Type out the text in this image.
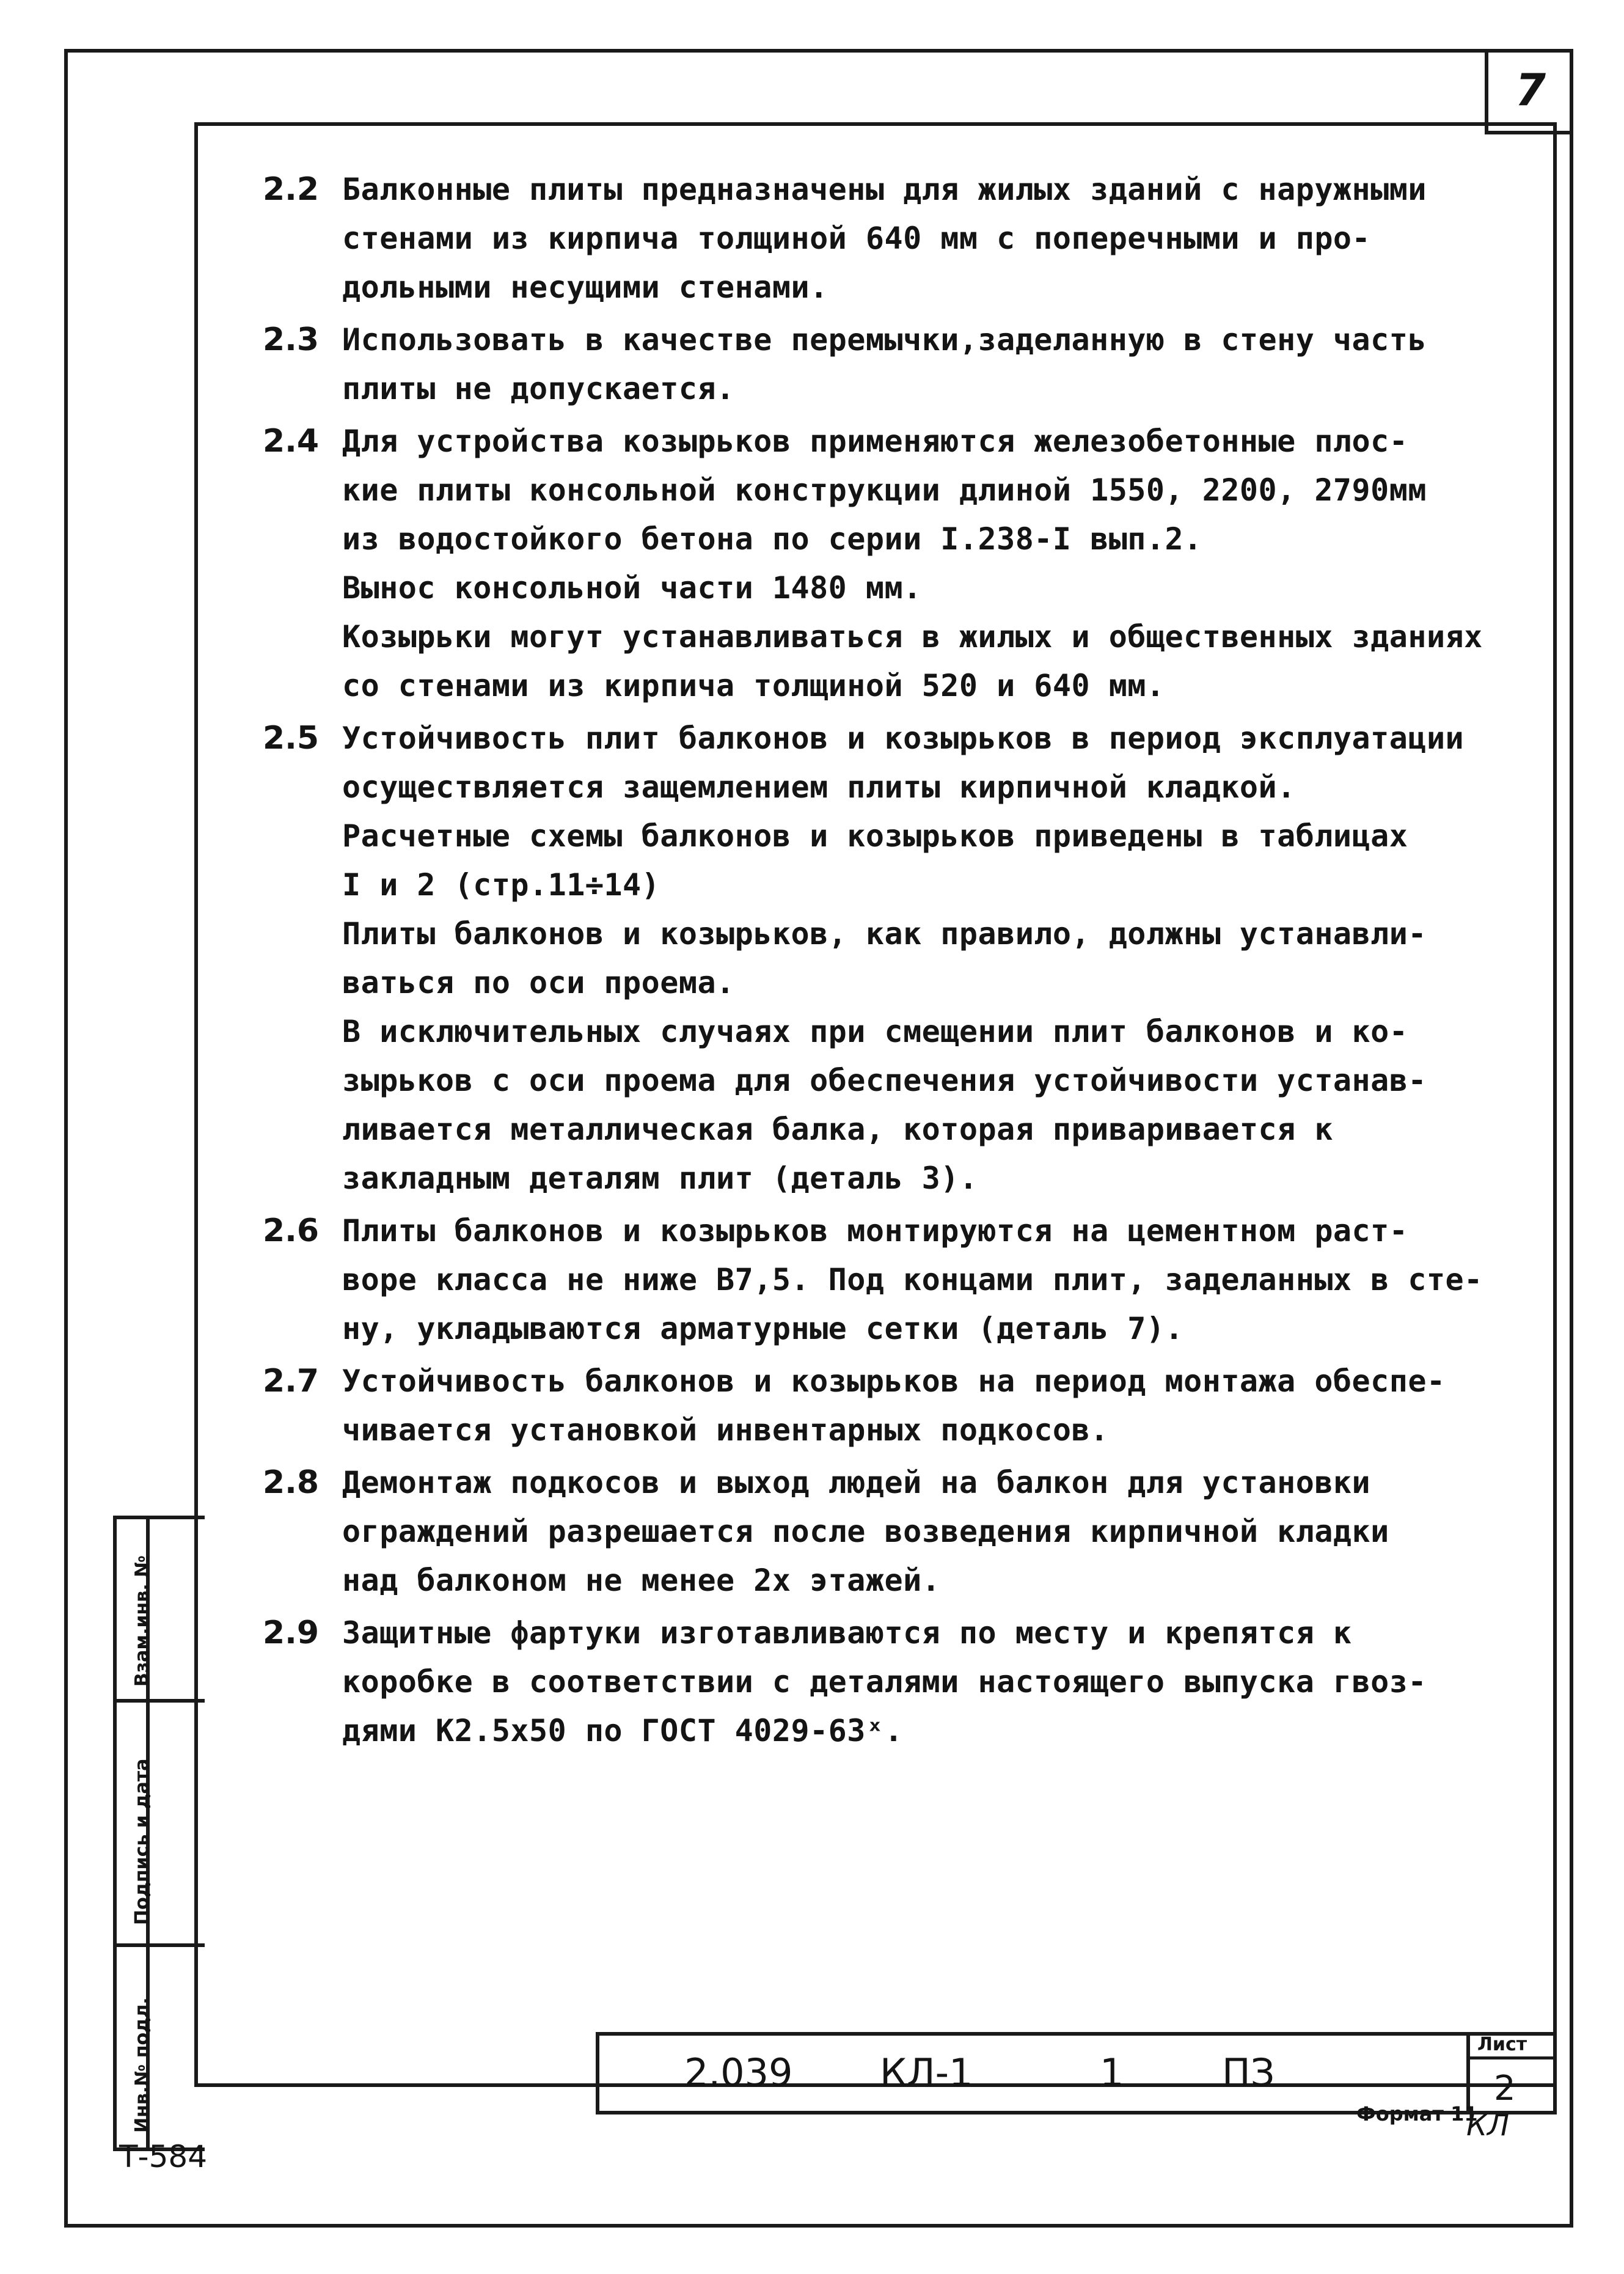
7
2.2 Балконные плиты предназначены для жилых зданий с наружными
стенами из кирпича толщиной 640 мм с поперечными и про-
дольными несущими стенами.
2.3 Использовать в качестве перемычки,заделанную в стену часть
плиты не допускается.
2.4 Для устройства козырьков применяются железобетонные плос-
кие плиты консольной конструкции длиной 1550, 2200, 2790мм
из водостойкого бетона по серии I.238-I вып.2.
Вынос консольной части 1480 мм.
Козырьки могут устанавливаться в жилых и общественных зданиях
со стенами из кирпича толщиной 520 и 640 мм.
2.5 Устойчивость плит балконов и козырьков в период эксплуатации
осуществляется защемлением плиты кирпичной кладкой.
Расчетные схемы балконов и козырьков приведены в таблицах
I и 2 (стр.11÷14)
Плиты балконов и козырьков, как правило, должны устанавли-
ваться по оси проема.
В исключительных случаях при смещении плит балконов и ко-
зырьков с оси проема для обеспечения устойчивости устанав-
ливается металлическая балка, которая приваривается к
закладным деталям плит (деталь 3).
2.6 Плиты балконов и козырьков монтируются на цементном раст-
воре класса не ниже B7,5. Под концами плит, заделанных в сте-
ну, укладываются арматурные сетки (деталь 7).
2.7 Устойчивость балконов и козырьков на период монтажа обеспе-
чивается установкой инвентарных подкосов.
2.8 Демонтаж подкосов и выход людей на балкон для установки
ограждений разрешается после возведения кирпичной кладки
над балконом не менее 2х этажей.
2.9 Защитные фартуки изготавливаются по месту и крепятся к
коробке в соответствии с деталями настоящего выпуска гвоз-
дями К2.5х50 по ГОСТ 4029-63ˣ.
Взам.инв. №
Подпись и дата
Инв.№ подл.	2.039 КЛ-1	1	ПЗ
Лист
2
Т-584
Формат 11
КЛ
